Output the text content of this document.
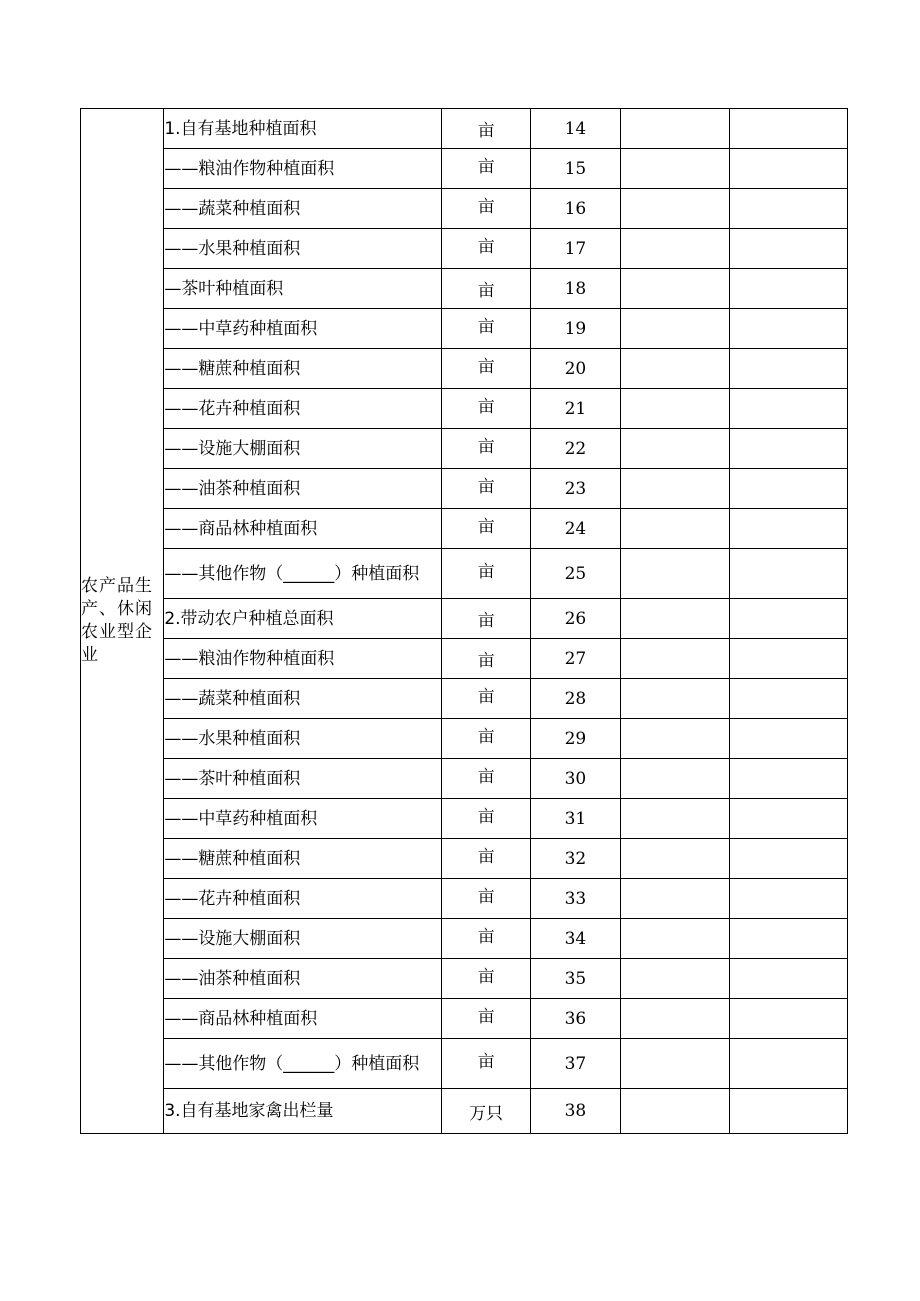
农产品生产、休闲农业型企业	1.自有基地种植面积	亩	14		
	——粮油作物种植面积	亩	15		
	——蔬菜种植面积	亩	16		
	——水果种植面积	亩	17		
	—茶叶种植面积	亩	18		
	——中草药种植面积	亩	19		
	——糖蔗种植面积	亩	20		
	——花卉种植面积	亩	21		
	——设施大棚面积	亩	22		
	——油茶种植面积	亩	23		
	——商品林种植面积	亩	24		
	——其他作物（______）种植面积	亩	25		
	2.带动农户种植总面积	亩	26		
	——粮油作物种植面积	亩	27		
	——蔬菜种植面积	亩	28		
	——水果种植面积	亩	29		
	——茶叶种植面积	亩	30		
	——中草药种植面积	亩	31		
	——糖蔗种植面积	亩	32		
	——花卉种植面积	亩	33		
	——设施大棚面积	亩	34		
	——油茶种植面积	亩	35		
	——商品林种植面积	亩	36		
	——其他作物（______）种植面积	亩	37		
	3.自有基地家禽出栏量	万只	38		
